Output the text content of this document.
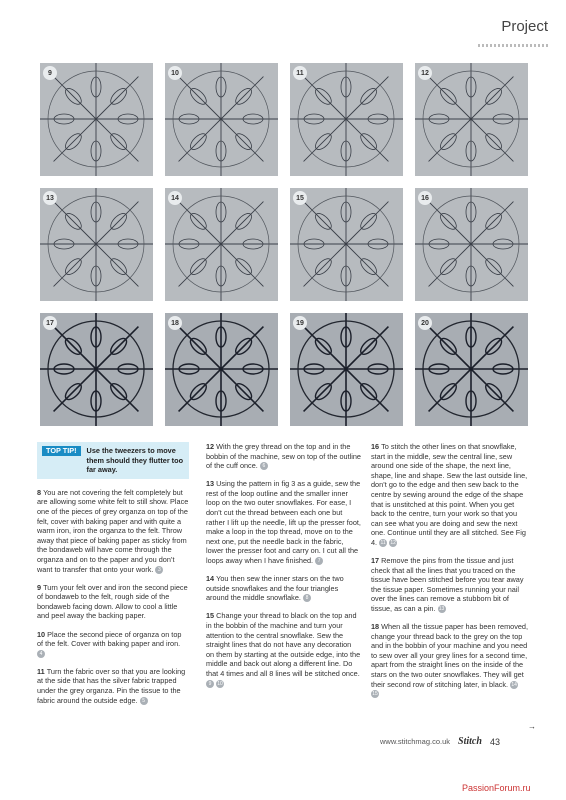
Project
9	10	11	12
13	14	15	16
17	18	19	20
TOP TIP!	Use the tweezers to move them should they flutter too far away.

8 You are not covering the felt completely but are allowing some white felt to still show. Place one of the pieces of grey organza on top of the felt, cover with baking paper and with quite a warm iron, iron the organza to the felt. Throw away that piece of baking paper as sticky from the bondaweb will have come through the organza and on to the paper and you don’t want to transfer that onto your work. 3

9 Turn your felt over and iron the second piece of bondaweb to the felt, rough side of the bondaweb facing down. Allow to cool a little and peel away the backing paper.

10 Place the second piece of organza on top of the felt. Cover with baking paper and iron. 4

11 Turn the fabric over so that you are looking at the side that has the silver fabric trapped under the grey organza. Pin the tissue to the fabric around the outside edge. 5

12 With the grey thread on the top and in the bobbin of the machine, sew on top of the outline of the cuff once. 6

13 Using the pattern in fig 3 as a guide, sew the rest of the loop outline and the smaller inner loop on the two outer snowflakes. For ease, I don’t cut the thread between each one but rather I lift up the needle, lift up the presser foot, make a loop in the top thread, move on to the next one, put the needle back in the fabric, lower the presser foot and carry on. I cut all the loops away when I have finished. 7

14 You then sew the inner stars on the two outside snowflakes and the four triangles around the middle snowflake. 8

15 Change your thread to black on the top and in the bobbin of the machine and turn your attention to the central snowflake. Sew the straight lines that do not have any decoration on them by starting at the outside edge, into the middle and back out along a different line. Do that 4 times and all 8 lines will be stitched once. 9 10

16 To stitch the other lines on that snowflake, start in the middle, sew the central line, sew around one side of the shape, the next line, shape, line and shape. Sew the last outside line, don’t go to the edge and then sew back to the centre by sewing around the edge of the shape that is unstitched at this point. When you get back to the centre, turn your work so that you can see what you are doing and sew the next one. Continue until they are all stitched. See Fig 4. 11 12

17 Remove the pins from the tissue and just check that all the lines that you traced on the tissue have been stitched before you tear away the tissue paper. Sometimes running your nail over the lines can remove a stubborn bit of tissue, as can a pin. 13

18 When all the tissue paper has been removed, change your thread back to the grey on the top and in the bobbin of your machine and you need to sew over all your grey lines for a second time, apart from the straight lines on the inside of the stars on the two outer snowflakes. They will get their second row of stitching later, in black. 14 15

→
www.stitchmag.co.uk Stitch 43
PassionForum.ru
